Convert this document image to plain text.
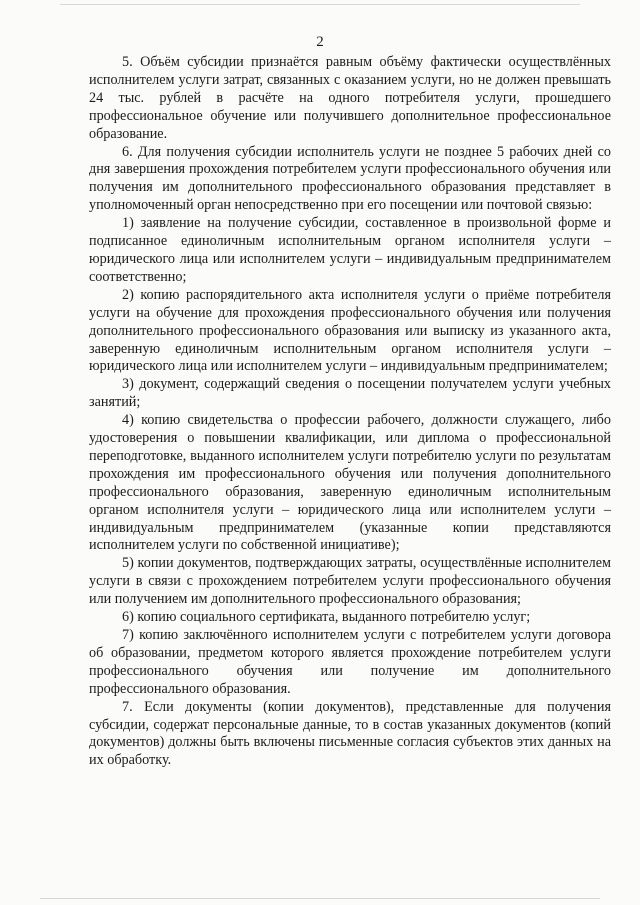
2

5. Объём субсидии признаётся равным объёму фактически осуществлённых исполнителем услуги затрат, связанных с оказанием услуги, но не должен превышать 24 тыс. рублей в расчёте на одного потребителя услуги, прошедшего профессиональное обучение или получившего дополнительное профессиональное образование.

6. Для получения субсидии исполнитель услуги не позднее 5 рабочих дней со дня завершения прохождения потребителем услуги профессионального обучения или получения им дополнительного профессионального образования представляет в уполномоченный орган непосредственно при его посещении или почтовой связью:

1) заявление на получение субсидии, составленное в произвольной форме и подписанное единоличным исполнительным органом исполнителя услуги – юридического лица или исполнителем услуги – индивидуальным предпринимателем соответственно;

2) копию распорядительного акта исполнителя услуги о приёме потребителя услуги на обучение для прохождения профессионального обучения или получения дополнительного профессионального образования или выписку из указанного акта, заверенную единоличным исполнительным органом исполнителя услуги – юридического лица или исполнителем услуги – индивидуальным предпринимателем;

3) документ, содержащий сведения о посещении получателем услуги учебных занятий;

4) копию свидетельства о профессии рабочего, должности служащего, либо удостоверения о повышении квалификации, или диплома о профессиональной переподготовке, выданного исполнителем услуги потребителю услуги по результатам прохождения им профессионального обучения или получения дополнительного профессионального образования, заверенную единоличным исполнительным органом исполнителя услуги – юридического лица или исполнителем услуги – индивидуальным предпринимателем (указанные копии представляются исполнителем услуги по собственной инициативе);

5) копии документов, подтверждающих затраты, осуществлённые исполнителем услуги в связи с прохождением потребителем услуги профессионального обучения или получением им дополнительного профессионального образования;

6) копию социального сертификата, выданного потребителю услуг;

7) копию заключённого исполнителем услуги с потребителем услуги договора об образовании, предметом которого является прохождение потребителем услуги профессионального обучения или получение им дополнительного профессионального образования.

7. Если документы (копии документов), представленные для получения субсидии, содержат персональные данные, то в состав указанных документов (копий документов) должны быть включены письменные согласия субъектов этих данных на их обработку.
